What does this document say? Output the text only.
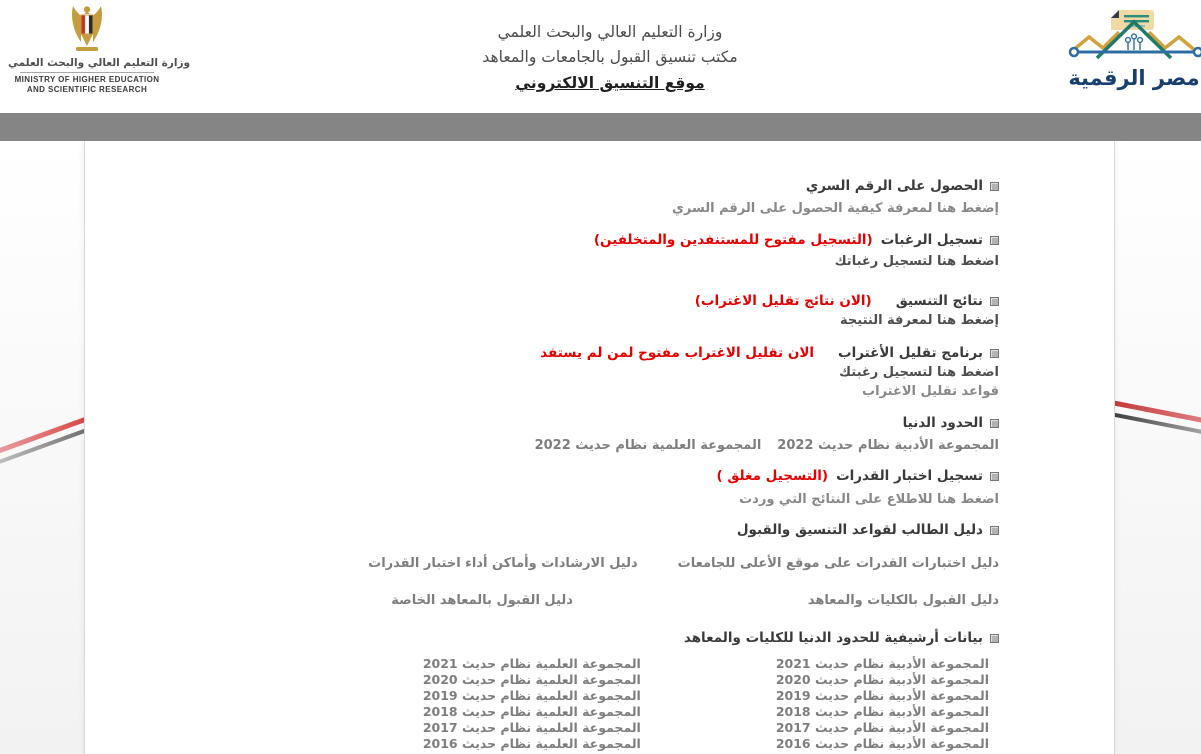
وزارة التعليم العالي والبحث العلمي
MINISTRY OF HIGHER EDUCATION
AND SCIENTIFIC RESEARCH
وزارة التعليم العالي والبحث العلمي
مكتب تنسيق القبول بالجامعات والمعاهد
موقع التنسيق الالكتروني	مصر الرقمية
الحصول على الرقم السري
إضغط هنا لمعرفة كيفية الحصول على الرقم السري
تسجيل الرغبات
(التسجيل مفتوح للمستنفدين والمتخلفين)
اضغط هنا لتسجيل رغباتك
نتائج التنسيق
(الان نتائج تقليل الاغتراب)
إضغط هنا لمعرفة النتيجة
برنامج تقليل الأغتراب
الان تقليل الاغتراب مفتوح لمن لم يستفد
اضغط هنا لتسجيل رغبتك
قواعد تقليل الاغتراب
الحدود الدنيا
المجموعة الأدبية نظام حديث 2022
المجموعة العلمية نظام حديث 2022
تسجيل اختبار القدرات
(التسجيل مغلق )
اضغط هنا للاطلاع على النتائج التي وردت
دليل الطالب لقواعد التنسيق والقبول
دليل اختبارات القدرات على موقع الأعلى للجامعات
دليل الارشادات وأماكن أداء اختبار القدرات
دليل القبول بالكليات والمعاهد
دليل القبول بالمعاهد الخاصة
بيانات أرشيفية للحدود الدنيا للكليات والمعاهد
المجموعة الأدبية نظام حديث 2021
المجموعة العلمية نظام حديث 2021
المجموعة الأدبية نظام حديث 2020
المجموعة العلمية نظام حديث 2020
المجموعة الأدبية نظام حديث 2019
المجموعة العلمية نظام حديث 2019
المجموعة الأدبية نظام حديث 2018
المجموعة العلمية نظام حديث 2018
المجموعة الأدبية نظام حديث 2017
المجموعة العلمية نظام حديث 2017
المجموعة الأدبية نظام حديث 2016
المجموعة العلمية نظام حديث 2016
